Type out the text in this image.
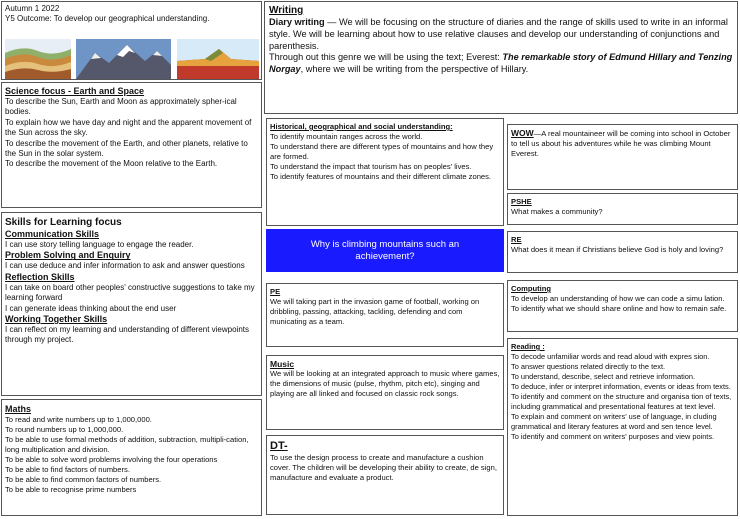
Autumn 1 2022

Y5 Outcome: To develop our geographical understanding.

Science focus - Earth and Space

To describe the Sun, Earth and Moon as approximately spher-ical bodies.

To explain how we have day and night and the apparent movement of the Sun across the sky.

To describe the movement of the Earth, and other planets, relative to the Sun in the solar system.

To describe the movement of the Moon relative to the Earth.

Skills for Learning focus
Communication Skills

I can use story telling language to engage the reader.

Problem Solving and Enquiry

I can use deduce and infer information to ask and answer questions

Reflection Skills

I can take on board other peoples' constructive suggestions to take my learning forward

I can generate ideas thinking about the end user

Working Together Skills

I can reflect on my learning and understanding of different viewpoints through my project.

Maths

To read and write numbers up to 1,000,000.

To round numbers up to 1,000,000.

To be able to use formal methods of addition, subtraction, multipli-cation, long multiplication and division.

To be able to solve word problems involving the four operations

To be able to find factors of numbers.

To be able to find common factors of numbers.

To be able to recognise prime numbers

Writing

Diary writing — We will be focusing on the structure of diaries and the range of skills used to write in an informal style. We will be learning about how to use relative clauses and develop our understanding of conjunctions and parenthesis.

Through out this genre we will be using the text; Everest: The remarkable story of Edmund Hillary and Tenzing Norgay, where we will be writing from the perspective of Hillary.

Historical, geographical and social understanding:

To identify mountain ranges across the world.

To understand there are different types of mountains and how they are formed.

To understand the impact that tourism has on peoples' lives.

To identify features of mountains and their different climate zones.

Why is climbing mountains such an achievement?
PE

We will taking part in the invasion game of football, working on dribbling, passing, attacking, tackling, defending and com municating as a team.

Music

We will be looking at an integrated approach to music where games, the dimensions of music (pulse, rhythm, pitch etc), singing and playing are all linked and focused on classic rock songs.

DT-

To use the design process to create and manufacture a cushion cover. The children will be developing their ability to create, de sign, manufacture and evaluate a product.

WOW—A real mountaineer will be coming into school in October to tell us about his adventures while he was climbing Mount Everest.

PSHE

What makes a community?

RE

What does it mean if Christians believe God is holy and loving?

Computing

To develop an understanding of how we can code a simu lation. To identify what we should share online and how to remain safe.

Reading :

To decode unfamiliar words and read aloud with expres sion.

To answer questions related directly to the text.

To understand, describe, select and retrieve information.

To deduce, infer or interpret information, events or ideas from texts.

To identify and comment on the structure and organisa tion of texts, including grammatical and presentational features at text level.

To explain and comment on writers' use of language, in cluding grammatical and literary features at word and sen tence level.

To identify and comment on writers' purposes and view points.
